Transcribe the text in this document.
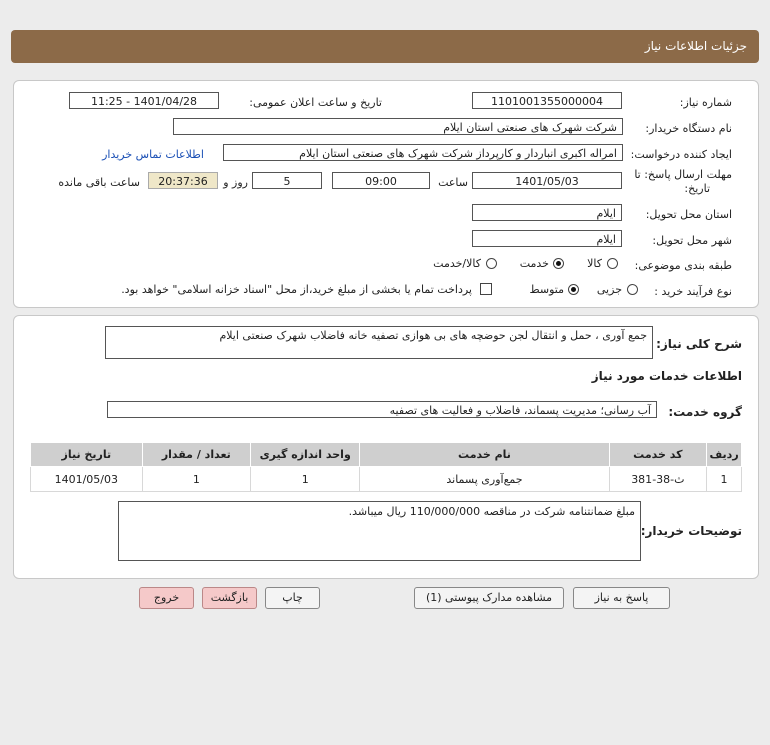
جزئیات اطلاعات نیاز
شماره نیاز:
1101001355000004
تاریخ و ساعت اعلان عمومی:
1401/04/28 - 11:25
نام دستگاه خریدار:
شرکت شهرک های صنعتی استان ایلام
ایجاد کننده درخواست:
امراله اکبری انباردار و کارپرداز شرکت شهرک های صنعتی استان ایلام
اطلاعات تماس خریدار
مهلت ارسال پاسخ: تا
تاریخ:
1401/05/03
ساعت
09:00
5
روز و
20:37:36
ساعت باقی مانده
استان محل تحویل:
ایلام
شهر محل تحویل:
ایلام
طبقه بندی موضوعی:
کالا
خدمت
کالا/خدمت
نوع فرآیند خرید :
جزیی
متوسط
پرداخت تمام یا بخشی از مبلغ خرید،از محل "اسناد خزانه اسلامی" خواهد بود.
شرح کلی نیاز:
جمع آوری ، حمل و انتقال لجن حوضچه های بی هوازی تصفیه خانه فاضلاب شهرک صنعتی ایلام
اطلاعات خدمات مورد نیاز
گروه خدمت:
آب رسانی؛ مدیریت پسماند، فاضلاب و فعالیت های تصفیه
ردیف	کد خدمت	نام خدمت	واحد اندازه گیری	تعداد / مقدار	تاریخ نیاز
1	ث-38-381	جمع‌آوری پسماند	1	1	1401/05/03
توضیحات خریدار:
مبلغ ضمانتنامه شرکت در مناقصه 110/000/000 ریال میباشد.
پاسخ به نیاز
مشاهده مدارک پیوستی (1)
چاپ
بازگشت
خروج
